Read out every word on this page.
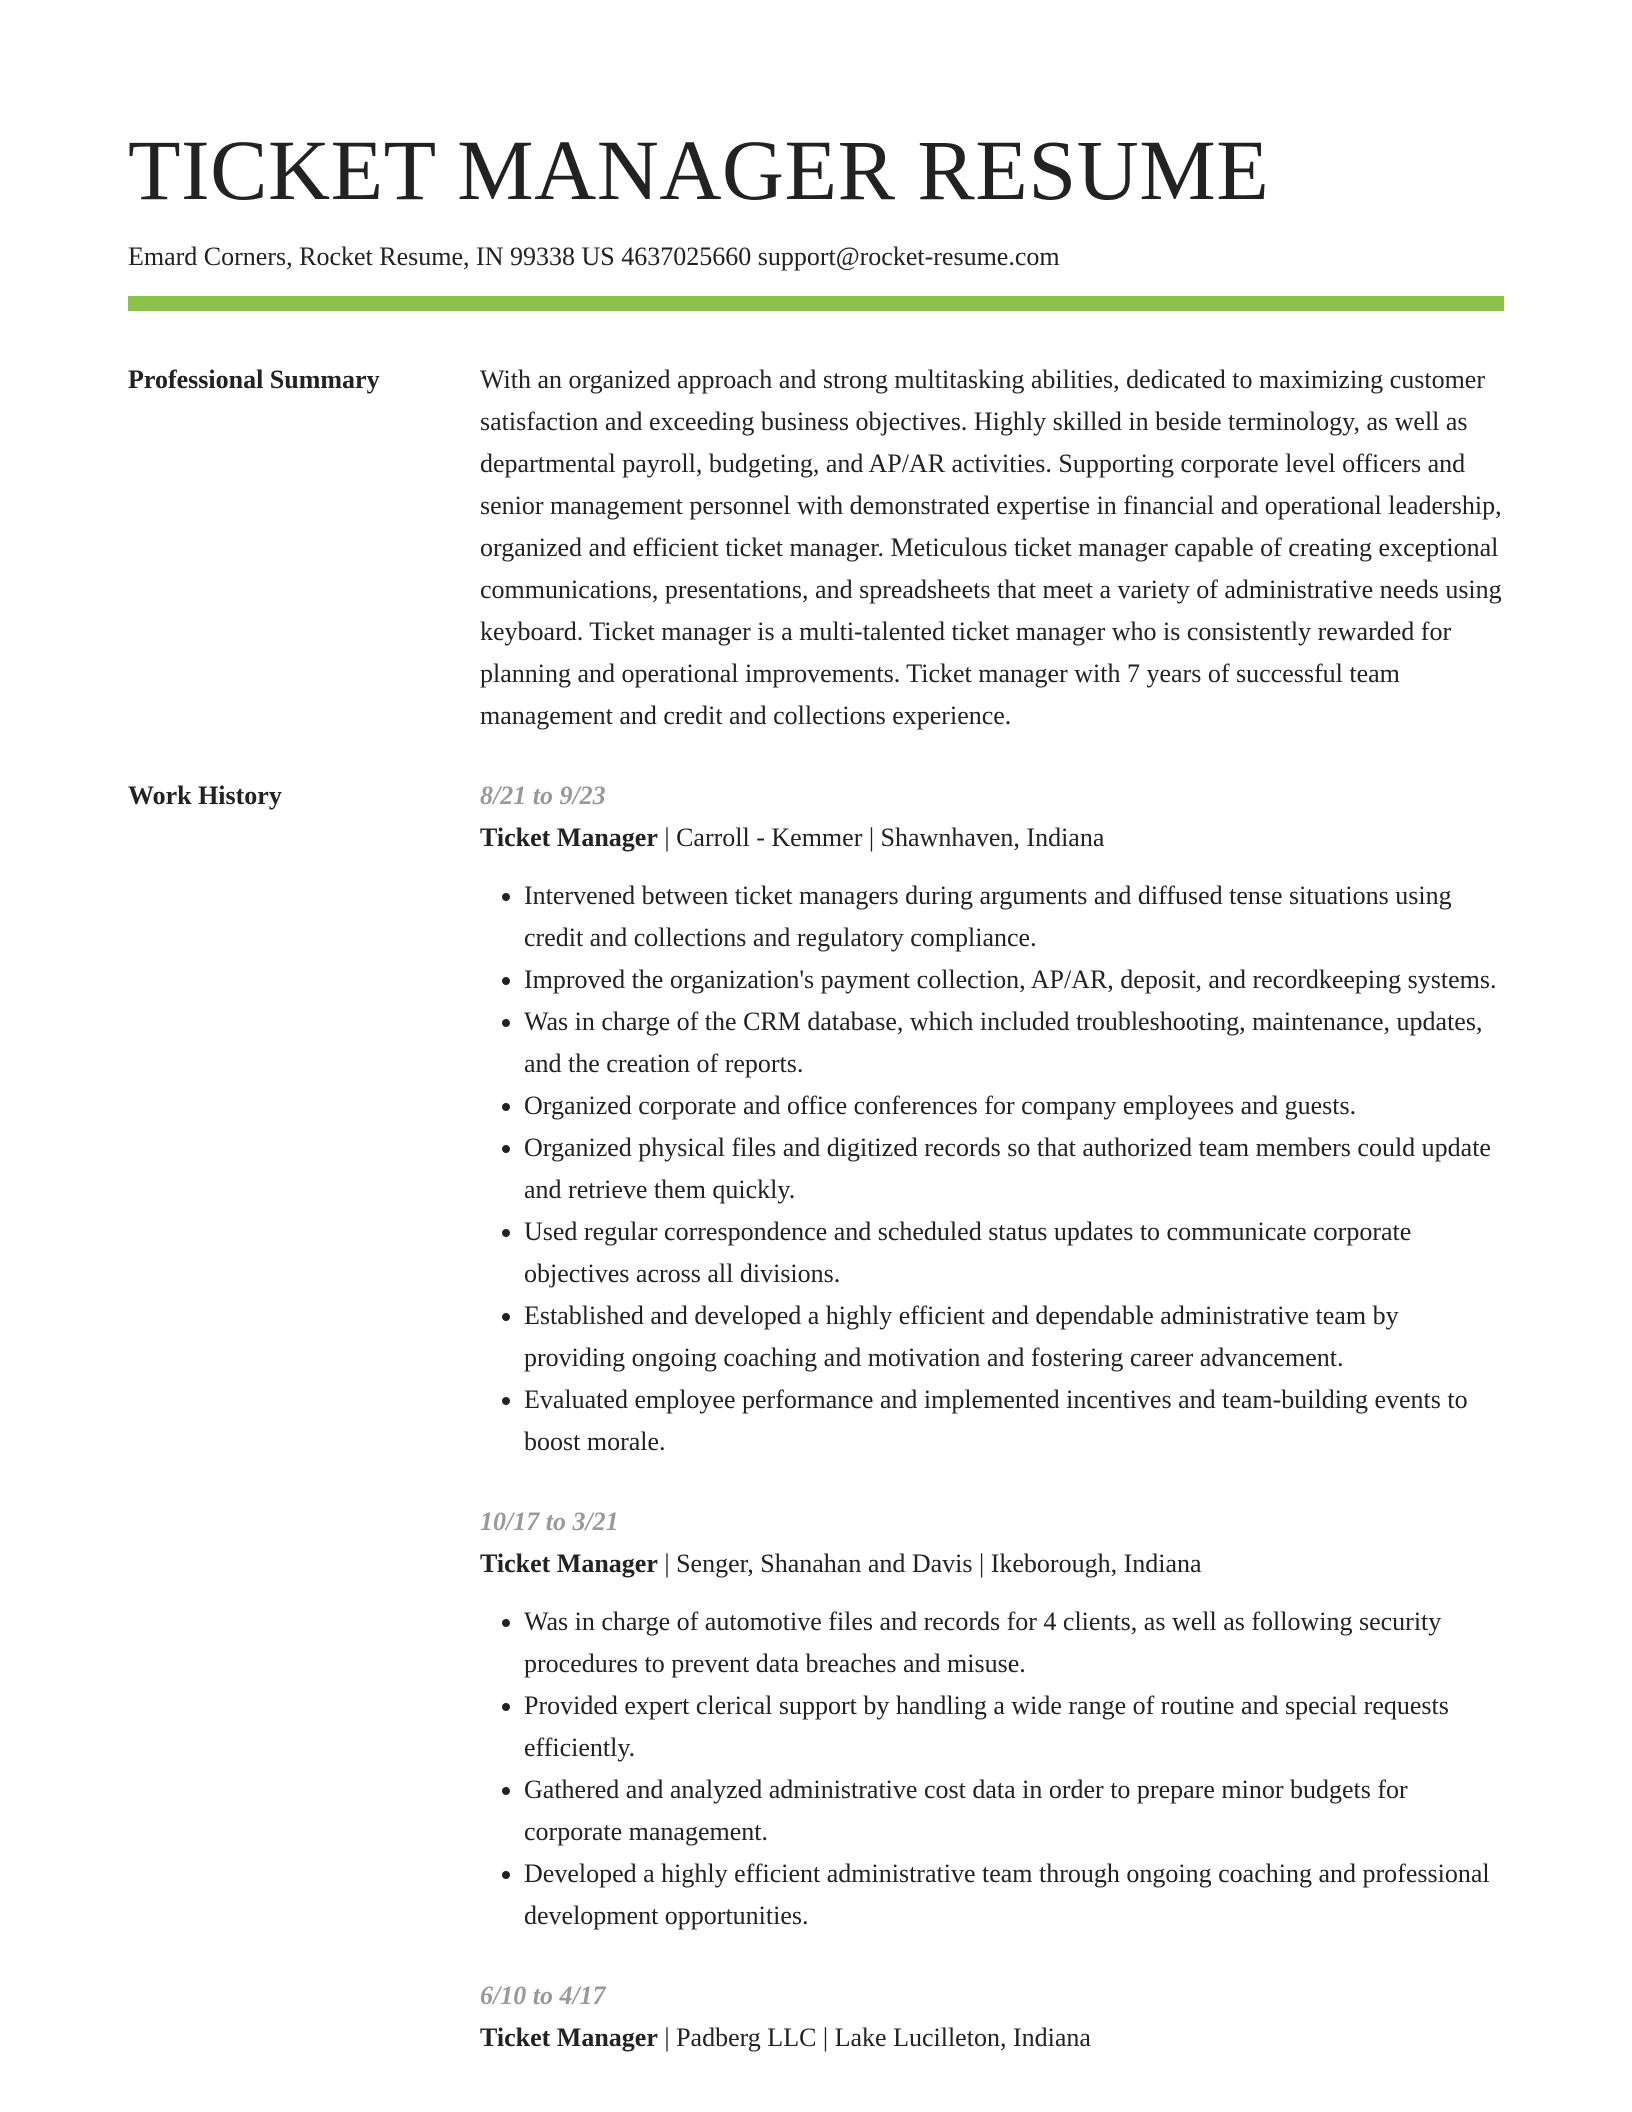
TICKET MANAGER RESUME
Emard Corners, Rocket Resume, IN 99338 US 4637025660 support@rocket-resume.com
Professional Summary	With an organized approach and strong multitasking abilities, dedicated to maximizing customer satisfaction and exceeding business objectives. Highly skilled in beside terminology, as well as departmental payroll, budgeting, and AP/AR activities. Supporting corporate level officers and senior management personnel with demonstrated expertise in financial and operational leadership, organized and efficient ticket manager. Meticulous ticket manager capable of creating exceptional communications, presentations, and spreadsheets that meet a variety of administrative needs using keyboard. Ticket manager is a multi-talented ticket manager who is consistently rewarded for planning and operational improvements. Ticket manager with 7 years of successful team management and credit and collections experience.

Work History	8/21 to 9/23
Ticket Manager | Carroll - Kemmer | Shawnhaven, Indiana
• Intervened between ticket managers during arguments and diffused tense situations using credit and collections and regulatory compliance.
• Improved the organization's payment collection, AP/AR, deposit, and recordkeeping systems.
• Was in charge of the CRM database, which included troubleshooting, maintenance, updates, and the creation of reports.
• Organized corporate and office conferences for company employees and guests.
• Organized physical files and digitized records so that authorized team members could update and retrieve them quickly.
• Used regular correspondence and scheduled status updates to communicate corporate objectives across all divisions.
• Established and developed a highly efficient and dependable administrative team by providing ongoing coaching and motivation and fostering career advancement.
• Evaluated employee performance and implemented incentives and team-building events to boost morale.
10/17 to 3/21
Ticket Manager | Senger, Shanahan and Davis | Ikeborough, Indiana
• Was in charge of automotive files and records for 4 clients, as well as following security procedures to prevent data breaches and misuse.
• Provided expert clerical support by handling a wide range of routine and special requests efficiently.
• Gathered and analyzed administrative cost data in order to prepare minor budgets for corporate management.
• Developed a highly efficient administrative team through ongoing coaching and professional development opportunities.
6/10 to 4/17
Ticket Manager | Padberg LLC | Lake Lucilleton, Indiana
